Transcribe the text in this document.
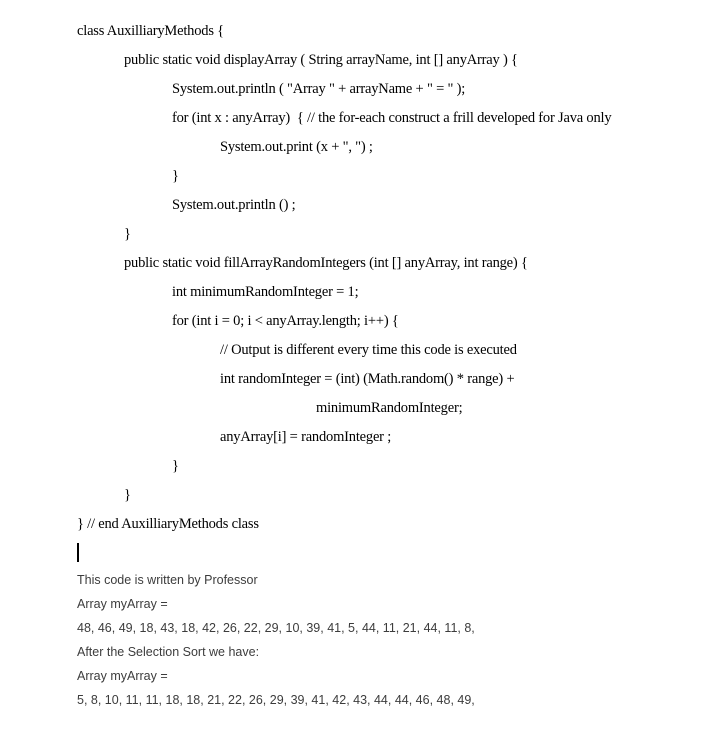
class AuxilliaryMethods {
public static void displayArray ( String arrayName, int [] anyArray ) {
System.out.println ( "Array " + arrayName + " = " );
for (int x : anyArray)  { // the for-each construct a frill developed for Java only
System.out.print (x + ", ") ;
}
System.out.println () ;
}
public static void fillArrayRandomIntegers (int [] anyArray, int range) {
int minimumRandomInteger = 1;
for (int i = 0; i < anyArray.length; i++) {
// Output is different every time this code is executed
int randomInteger = (int) (Math.random() * range) +
minimumRandomInteger;
anyArray[i] = randomInteger ;
}
}
} // end AuxilliaryMethods class
This code is written by Professor
Array myArray =
48, 46, 49, 18, 43, 18, 42, 26, 22, 29, 10, 39, 41, 5, 44, 11, 21, 44, 11, 8,
After the Selection Sort we have:
Array myArray =
5, 8, 10, 11, 11, 18, 18, 21, 22, 26, 29, 39, 41, 42, 43, 44, 44, 46, 48, 49,
